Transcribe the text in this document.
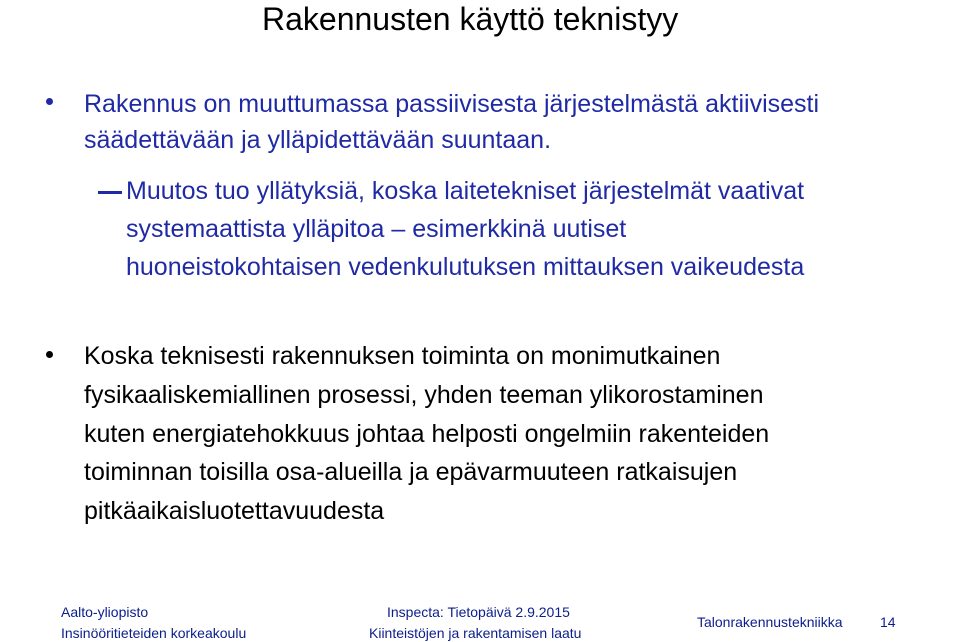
Rakennusten käyttö teknistyy
Rakennus on muuttumassa passiivisesta järjestelmästä aktiivisesti
säädettävään ja ylläpidettävään suuntaan.
Muutos tuo yllätyksiä, koska laitetekniset järjestelmät vaativat
systemaattista ylläpitoa – esimerkkinä uutiset
huoneistokohtaisen vedenkulutuksen mittauksen vaikeudesta
Koska teknisesti rakennuksen toiminta on monimutkainen
fysikaaliskemiallinen prosessi, yhden teeman ylikorostaminen
kuten energiatehokkuus johtaa helposti ongelmiin rakenteiden
toiminnan toisilla osa-alueilla ja epävarmuuteen ratkaisujen
pitkäaikaisluotettavuudesta
Aalto-yliopisto
Insinööritieteiden korkeakoulu
Inspecta: Tietopäivä 2.9.2015
Kiinteistöjen ja rakentamisen laatu
Talonrakennustekniikka	14
